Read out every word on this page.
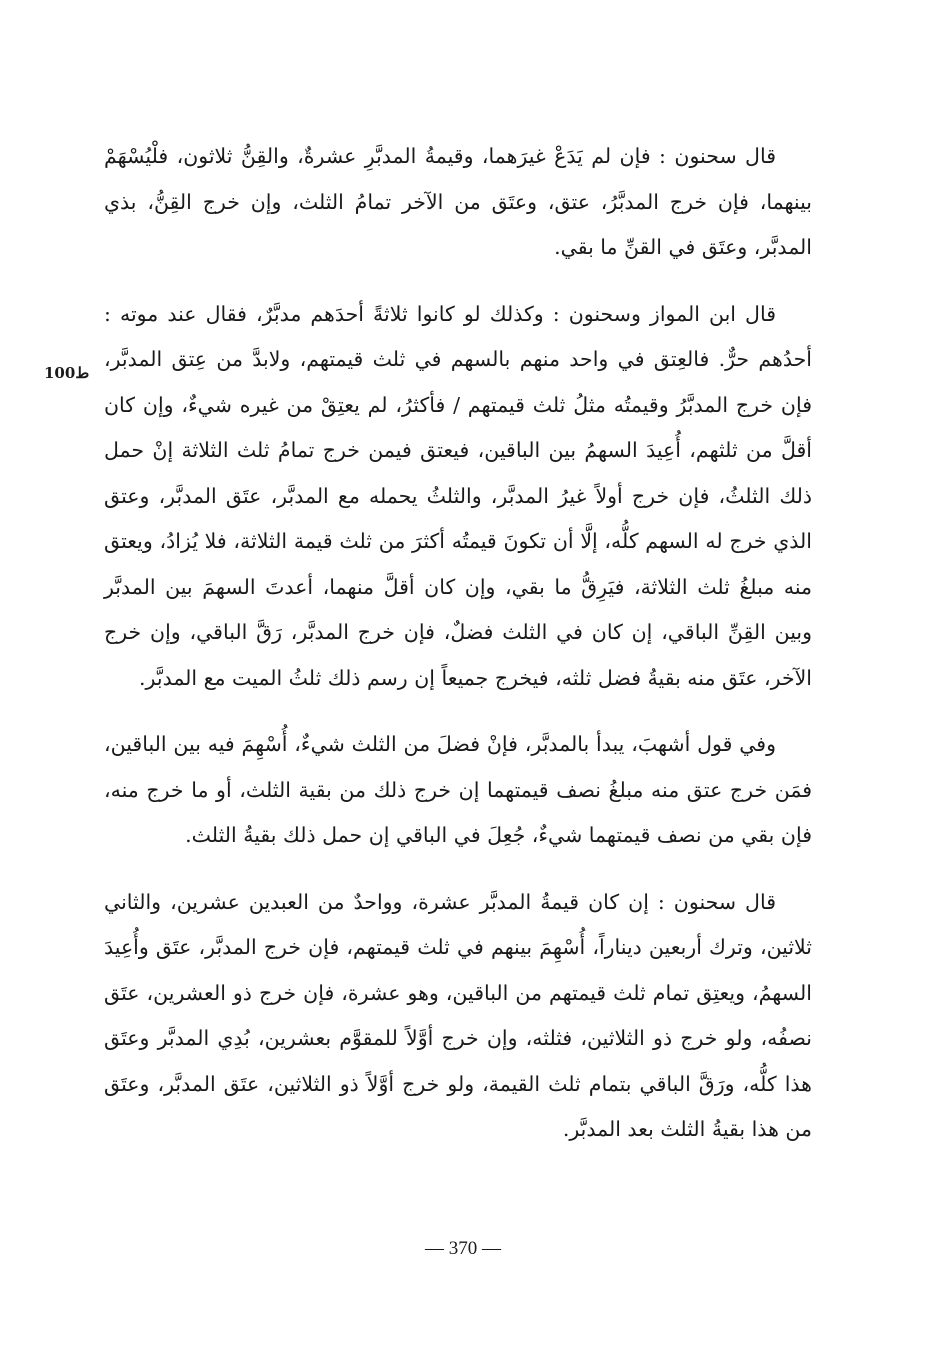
قال سحنون : فإن لم يَدَعْ غيرَهما، وقيمةُ المدبَّرِ عشرةٌ، والقِنُّ ثلاثون، فلْيُسْهَمْ بينهما، فإن خرج المدبَّرُ، عتق، وعتَق من الآخر تمامُ الثلث، وإن خرج القِنُّ، بذي المدبَّر، وعتَق في القنِّ ما بقي.

قال ابن المواز وسحنون : وكذلك لو كانوا ثلاثةً أحدَهم مدبَّرٌ، فقال عند موته : أحدُهم حرٌّ. فالعِتق في واحد منهم بالسهم في ثلث قيمتهم، ولابدَّ من عِتق المدبَّر، فإن خرج المدبَّرُ وقيمتُه مثلُ ثلث قيمتهم / فأكثرُ، لم يعتِقْ من غيره شيءٌ، وإن كان أقلَّ من ثلثهم، أُعِيدَ السهمُ بين الباقين، فيعتق فيمن خرج تمامُ ثلث الثلاثة إنْ حمل ذلك الثلثُ، فإن خرج أولاً غيرُ المدبَّر، والثلثُ يحمله مع المدبَّر، عتَق المدبَّر، وعتق الذي خرج له السهم كلُّه، إلَّا أن تكونَ قيمتُه أكثرَ من ثلث قيمة الثلاثة، فلا يُزادُ، ويعتق منه مبلغُ ثلث الثلاثة، فيَرِقُّ ما بقي، وإن كان أقلَّ منهما، أعدتَ السهمَ بين المدبَّر وبين القِنِّ الباقي، إن كان في الثلث فضلٌ، فإن خرج المدبَّر، رَقَّ الباقي، وإن خرج الآخر، عتَق منه بقيةُ فضل ثلثه، فيخرج جميعاً إن رسم ذلك ثلثُ الميت مع المدبَّر.

وفي قول أشهبَ، يبدأ بالمدبَّر، فإنْ فضلَ من الثلث شيءٌ، أُسْهِمَ فيه بين الباقين، فمَن خرج عتق منه مبلغُ نصف قيمتهما إن خرج ذلك من بقية الثلث، أو ما خرج منه، فإن بقي من نصف قيمتهما شيءٌ، جُعِلَ في الباقي إن حمل ذلك بقيةُ الثلث.

قال سحنون : إن كان قيمةُ المدبَّر عشرة، وواحدٌ من العبدين عشرين، والثاني ثلاثين، وترك أربعين ديناراً، أُسْهِمَ بينهم في ثلث قيمتهم، فإن خرج المدبَّر، عتَق وأُعِيدَ السهمُ، ويعتِق تمام ثلث قيمتهم من الباقين، وهو عشرة، فإن خرج ذو العشرين، عتَق نصفُه، ولو خرج ذو الثلاثين، فثلثه، وإن خرج أوَّلاً للمقوَّم بعشرين، بُدِي المدبَّر وعتَق هذا كلُّه، ورَقَّ الباقي بتمام ثلث القيمة، ولو خرج أوَّلاً ذو الثلاثين، عتَق المدبَّر، وعتَق من هذا بقيةُ الثلث بعد المدبَّر.

ط100
— 370 —
